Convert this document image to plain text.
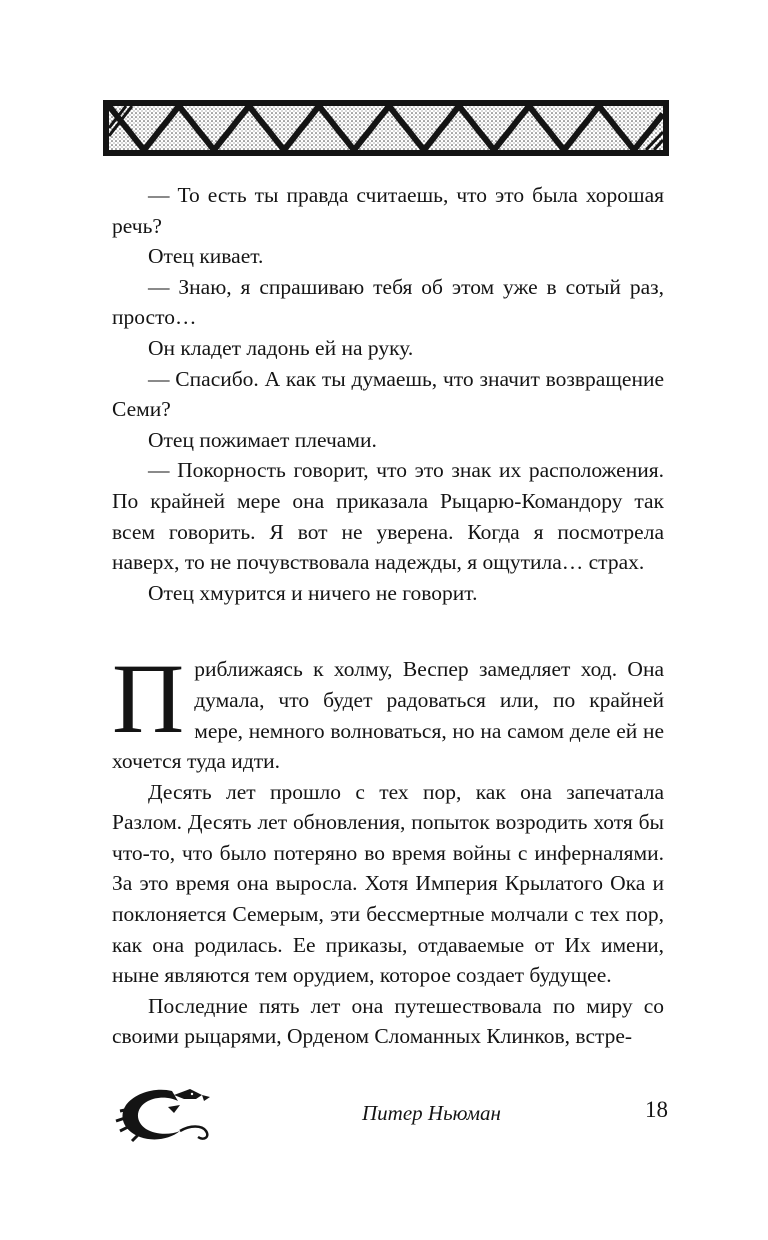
— То есть ты правда считаешь, что это была хорошая речь?

Отец кивает.

— Знаю, я спрашиваю тебя об этом уже в сотый раз, просто…

Он кладет ладонь ей на руку.

— Спасибо. А как ты думаешь, что значит возвращение Семи?

Отец пожимает плечами.

— Покорность говорит, что это знак их расположения. По крайней мере она приказала Рыцарю-Командору так всем говорить. Я вот не уверена. Когда я посмотрела наверх, то не почувствовала надежды, я ощутила… страх.

Отец хмурится и ничего не говорит.

Приближаясь к холму, Веспер замедляет ход. Она думала, что будет радоваться или, по крайней мере, немного волноваться, но на самом деле ей не хочется туда идти.

Десять лет прошло с тех пор, как она запечатала Разлом. Десять лет обновления, попыток возродить хотя бы что-то, что было потеряно во время войны с инферналями. За это время она выросла. Хотя Империя Крылатого Ока и поклоняется Семерым, эти бессмертные молчали с тех пор, как она родилась. Ее приказы, отдаваемые от Их имени, ныне являются тем орудием, которое создает будущее.

Последние пять лет она путешествовала по миру со своими рыцарями, Орденом Сломанных Клинков, встре-

Питер Ньюман	18
